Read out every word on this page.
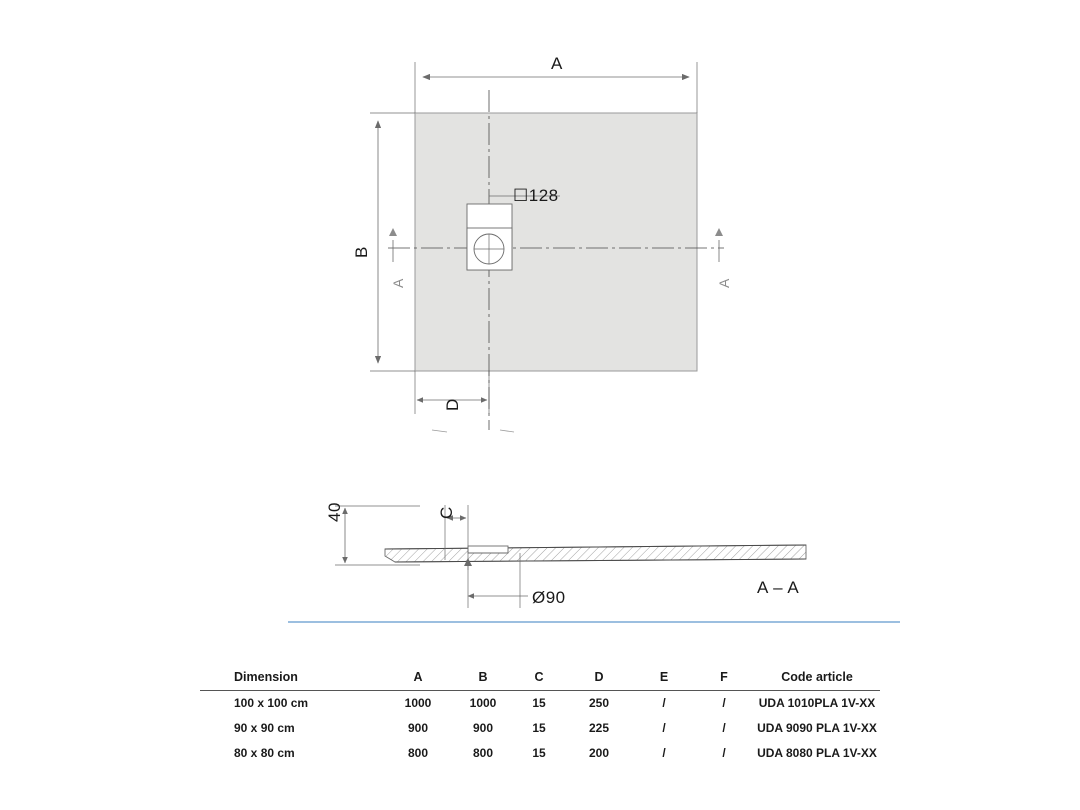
A
B
D
☐128
A	A
40	C
Ø90
A – A
Dimension	A	B	C	D	E	F	Code article
100 x 100 cm	1000	1000	15	250	/	/	UDA 1010PLA 1V-XX
90 x 90 cm	900	900	15	225	/	/	UDA 9090 PLA 1V-XX
80 x 80 cm	800	800	15	200	/	/	UDA 8080 PLA 1V-XX
